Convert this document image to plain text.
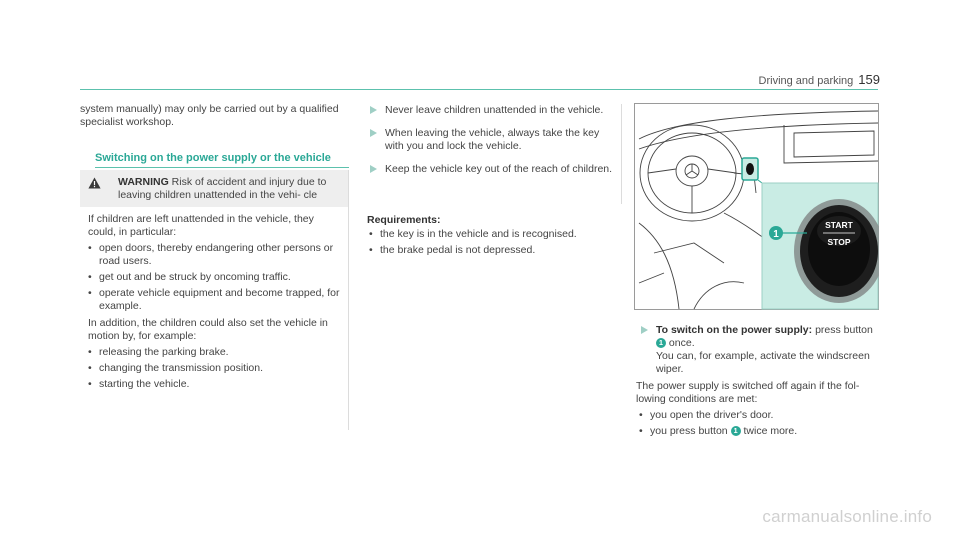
Driving and parking 159
system manually) may only be carried out by a qualified specialist workshop.
Switching on the power supply or the vehicle
WARNING Risk of accident and injury due to leaving children unattended in the vehi- cle
If children are left unattended in the vehicle, they could, in particular:
• open doors, thereby endangering other persons or road users.
• get out and be struck by oncoming traffic.
• operate vehicle equipment and become trapped, for example.
In addition, the children could also set the vehicle in motion by, for example:
• releasing the parking brake.
• changing the transmission position.
• starting the vehicle.
Never leave children unattended in the vehicle.
When leaving the vehicle, always take the key with you and lock the vehicle.
Keep the vehicle key out of the reach of children.
Requirements:
• the key is in the vehicle and is recognised.
• the brake pedal is not depressed.
1
START
STOP
To switch on the power supply: press button
1 once.
You can, for example, activate the windscreen wiper.
The power supply is switched off again if the fol- lowing conditions are met:
• you open the driver's door.
• you press button 1 twice more.
carmanualsonline.info
